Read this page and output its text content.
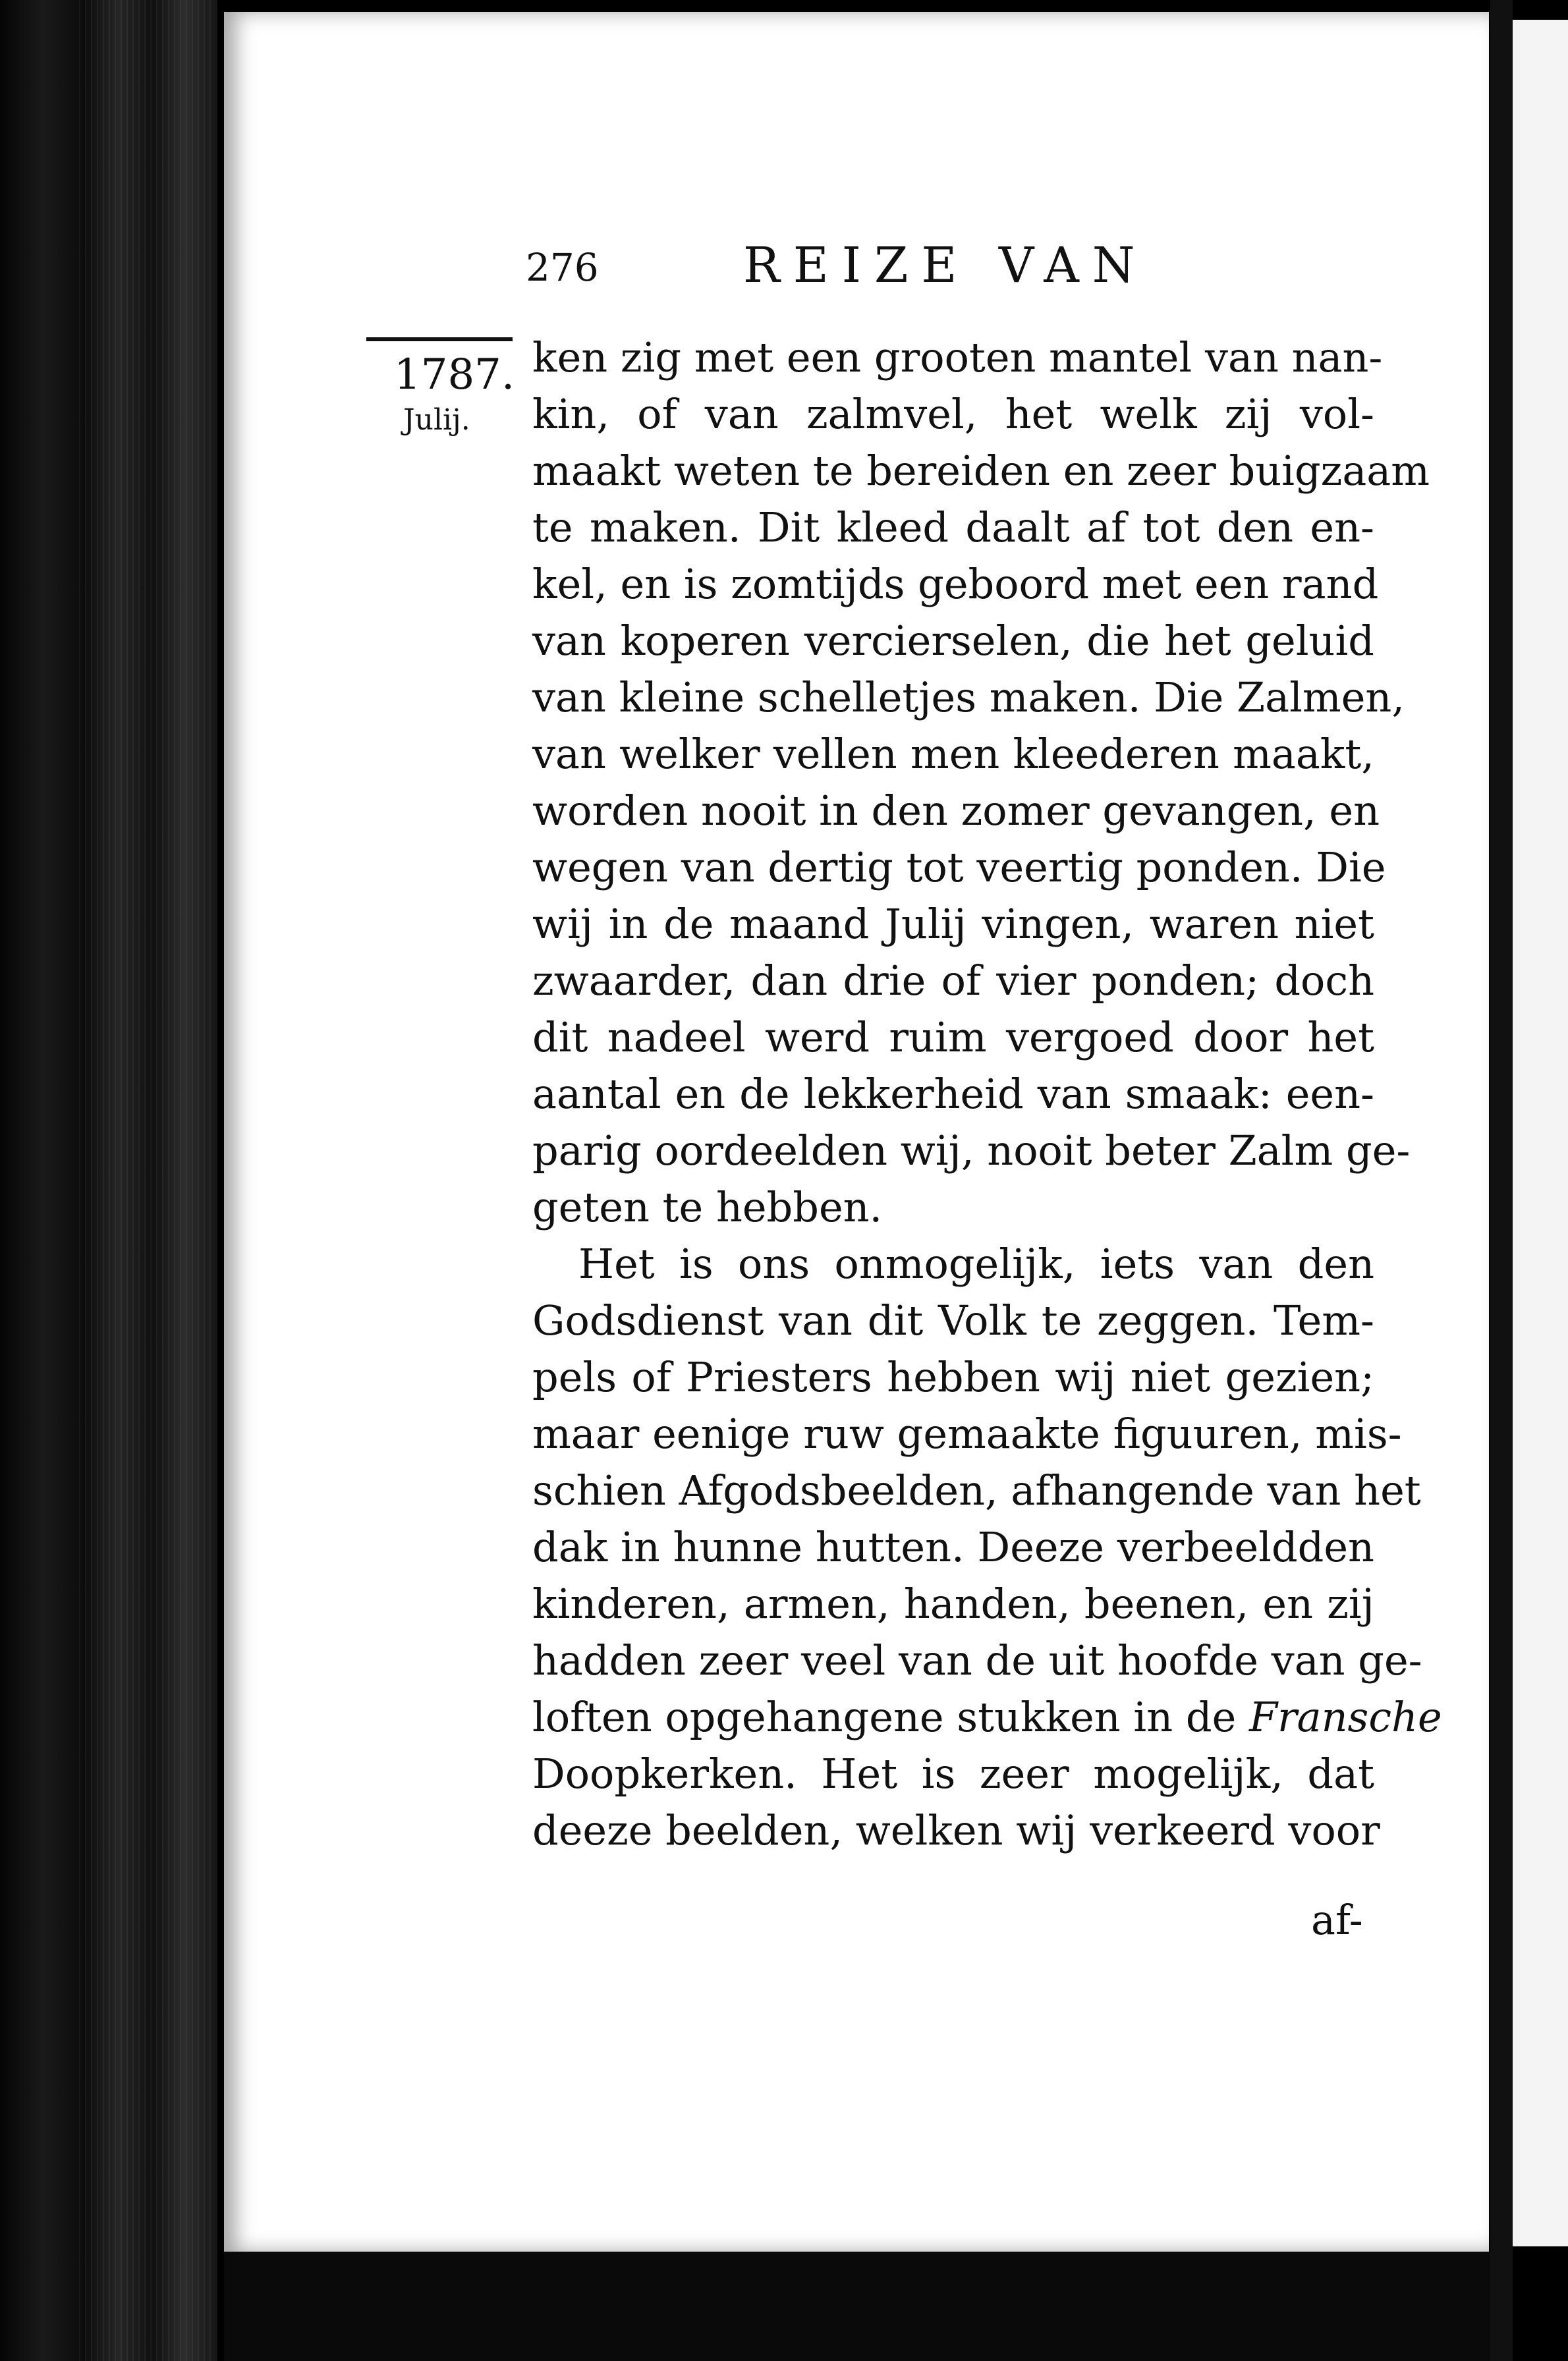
276	REIZE VAN
1787.
Julij.
ken zig met een grooten mantel van nan-
kin, of van zalmvel, het welk zij vol-
maakt weten te bereiden en zeer buigzaam
te maken. Dit kleed daalt af tot den en-
kel, en is zomtijds geboord met een rand
van koperen vercierselen, die het geluid
van kleine schelletjes maken. Die Zalmen,
van welker vellen men kleederen maakt,
worden nooit in den zomer gevangen, en
wegen van dertig tot veertig ponden. Die
wij in de maand Julij vingen, waren niet
zwaarder, dan drie of vier ponden; doch
dit nadeel werd ruim vergoed door het
aantal en de lekkerheid van smaak: een-
parig oordeelden wij, nooit beter Zalm ge-
geten te hebben.
Het is ons onmogelijk, iets van den
Godsdienst van dit Volk te zeggen. Tem-
pels of Priesters hebben wij niet gezien;
maar eenige ruw gemaakte figuuren, mis-
schien Afgodsbeelden, afhangende van het
dak in hunne hutten. Deeze verbeeldden
kinderen, armen, handen, beenen, en zij
hadden zeer veel van de uit hoofde van ge-
loften opgehangene stukken in de Fransche
Doopkerken. Het is zeer mogelijk, dat
deeze beelden, welken wij verkeerd voor
af-
